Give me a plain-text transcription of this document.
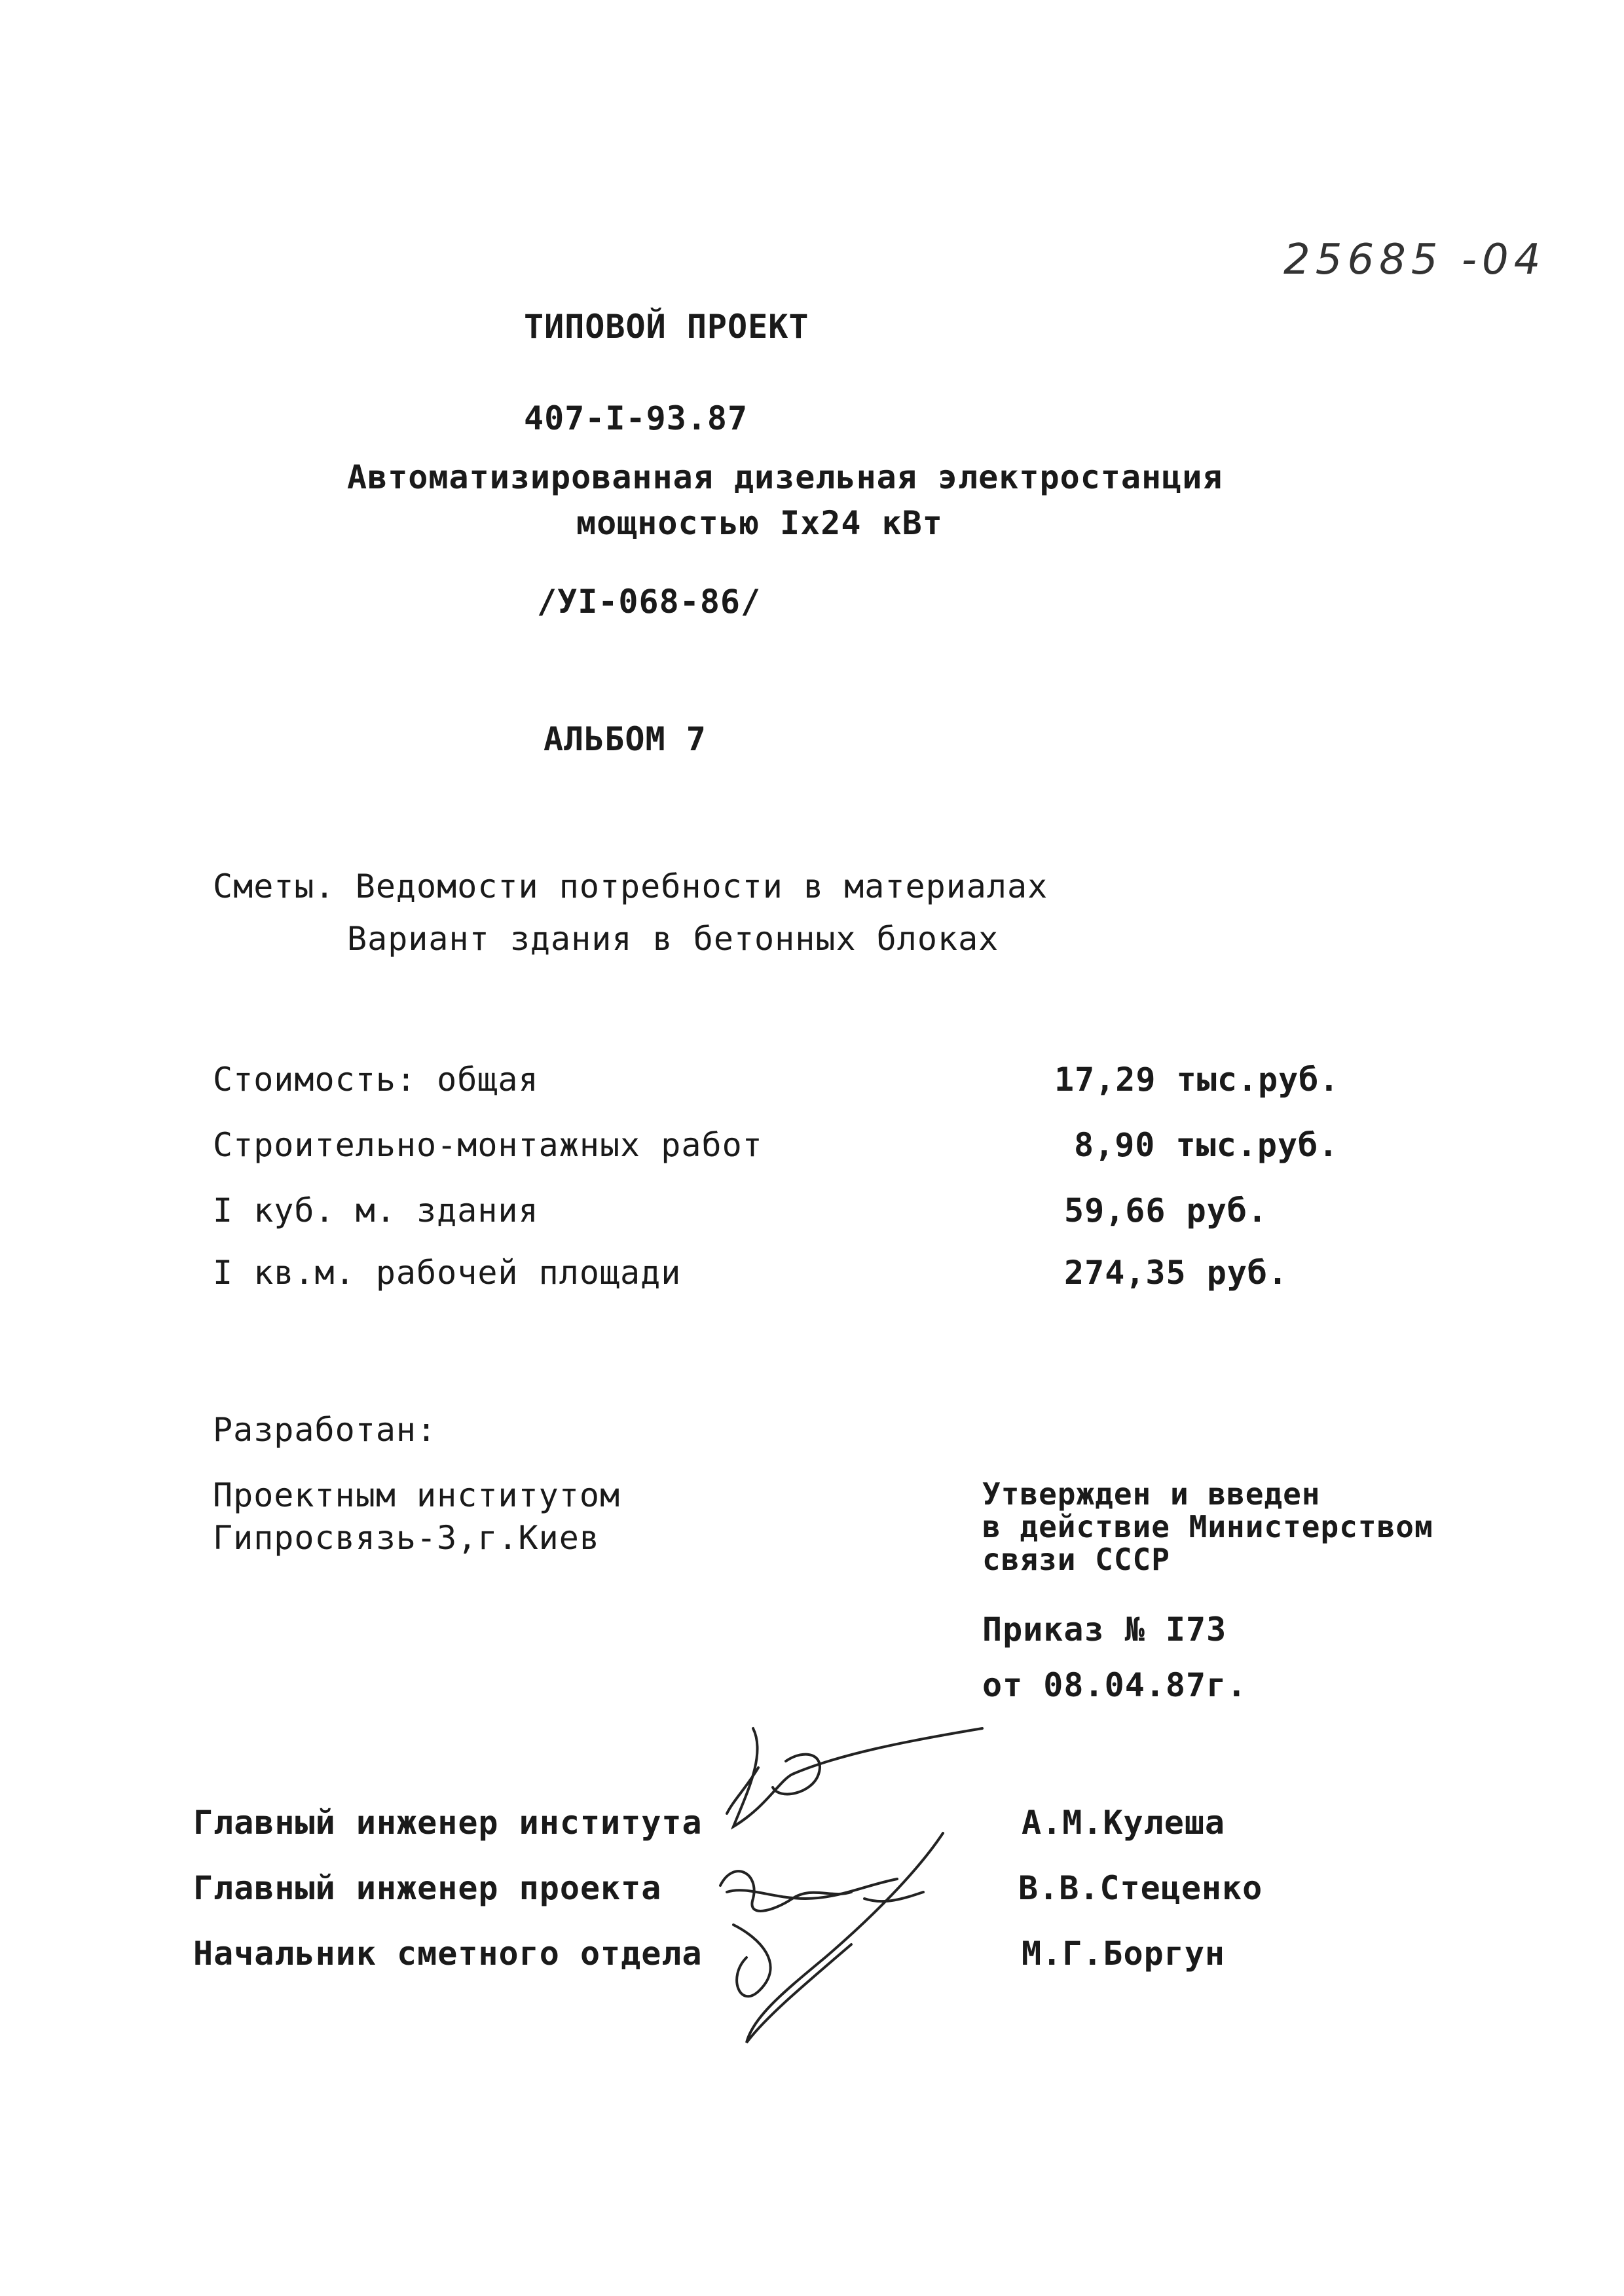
25685 -04
ТИПОВОЙ ПРОЕКТ
407-I-93.87
Автоматизированная дизельная электростанция
мощностью Iх24 кВт
/УI-068-86/
АЛЬБОМ 7
Сметы. Ведомости потребности в материалах
Вариант здания в бетонных блоках
Стоимость: общая	17,29 тыс.руб.
Строительно-монтажных работ	8,90 тыс.руб.
I куб. м. здания	59,66 руб.
I кв.м. рабочей площади	274,35 руб.
Разработан:
Проектным институтом
Гипросвязь-3,г.Киев
Утвержден и введен
в действие Министерством
связи СССР
Приказ № I73
от 08.04.87г.
Главный инженер института	А.М.Кулеша
Главный инженер проекта	В.В.Стеценко
Начальник сметного отдела	М.Г.Боргун
